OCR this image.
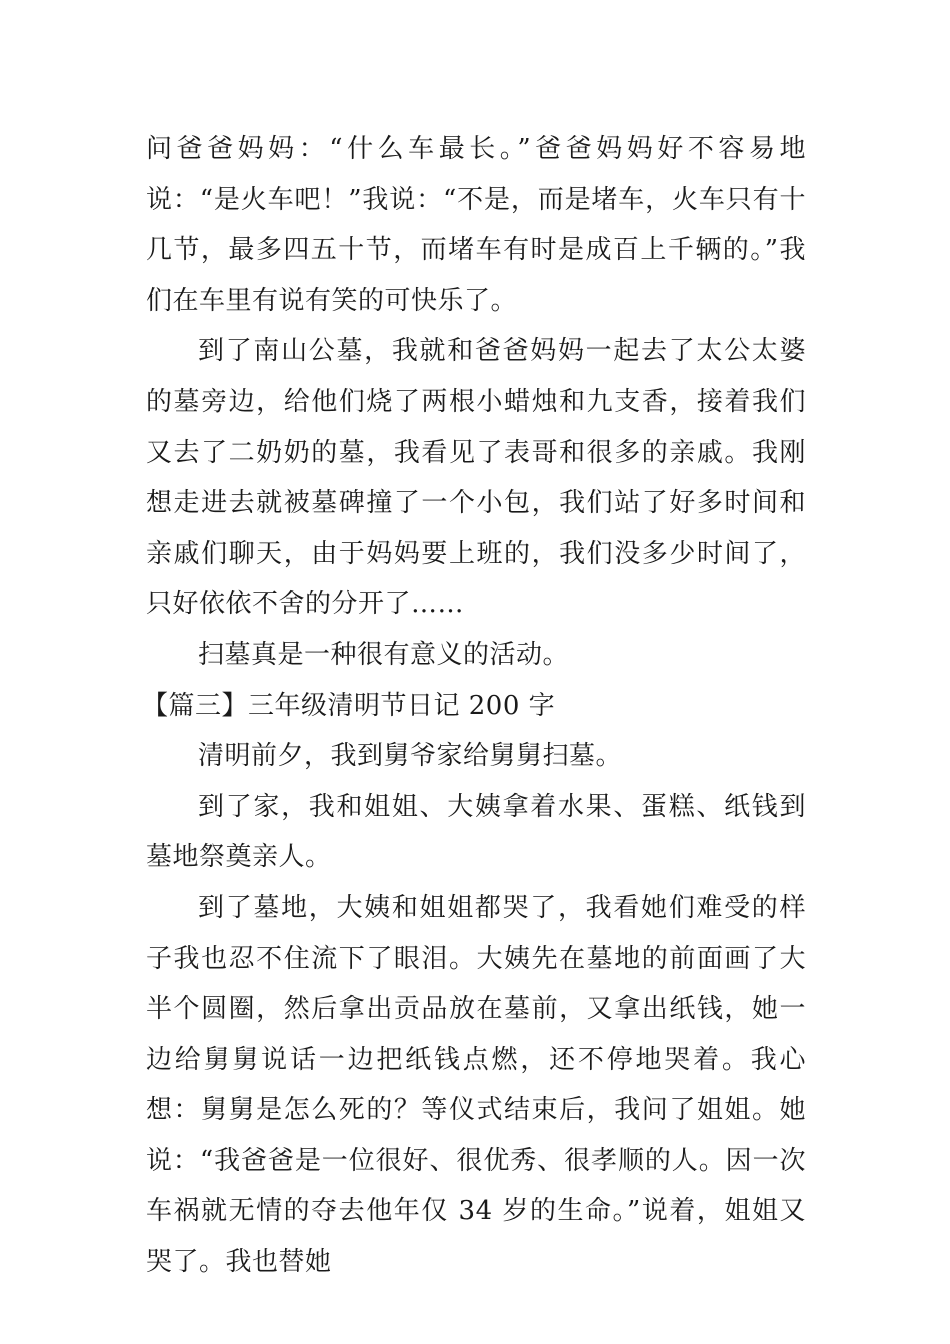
问爸爸妈妈：“什么车最长。”爸爸妈妈好不容易地说：“是火车吧！”我说：“不是，而是堵车，火车只有十几节，最多四五十节，而堵车有时是成百上千辆的。”我们在车里有说有笑的可快乐了。

到了南山公墓，我就和爸爸妈妈一起去了太公太婆的墓旁边，给他们烧了两根小蜡烛和九支香，接着我们又去了二奶奶的墓，我看见了表哥和很多的亲戚。我刚想走进去就被墓碑撞了一个小包，我们站了好多时间和亲戚们聊天，由于妈妈要上班的，我们没多少时间了，只好依依不舍的分开了……

扫墓真是一种很有意义的活动。

【篇三】三年级清明节日记 200 字

清明前夕，我到舅爷家给舅舅扫墓。

到了家，我和姐姐、大姨拿着水果、蛋糕、纸钱到墓地祭奠亲人。

到了墓地，大姨和姐姐都哭了，我看她们难受的样子我也忍不住流下了眼泪。大姨先在墓地的前面画了大半个圆圈，然后拿出贡品放在墓前，又拿出纸钱，她一边给舅舅说话一边把纸钱点燃，还不停地哭着。我心想：舅舅是怎么死的？等仪式结束后，我问了姐姐。她说：“我爸爸是一位很好、很优秀、很孝顺的人。因一次车祸就无情的夺去他年仅 34 岁的生命。”说着，姐姐又哭了。我也替她
